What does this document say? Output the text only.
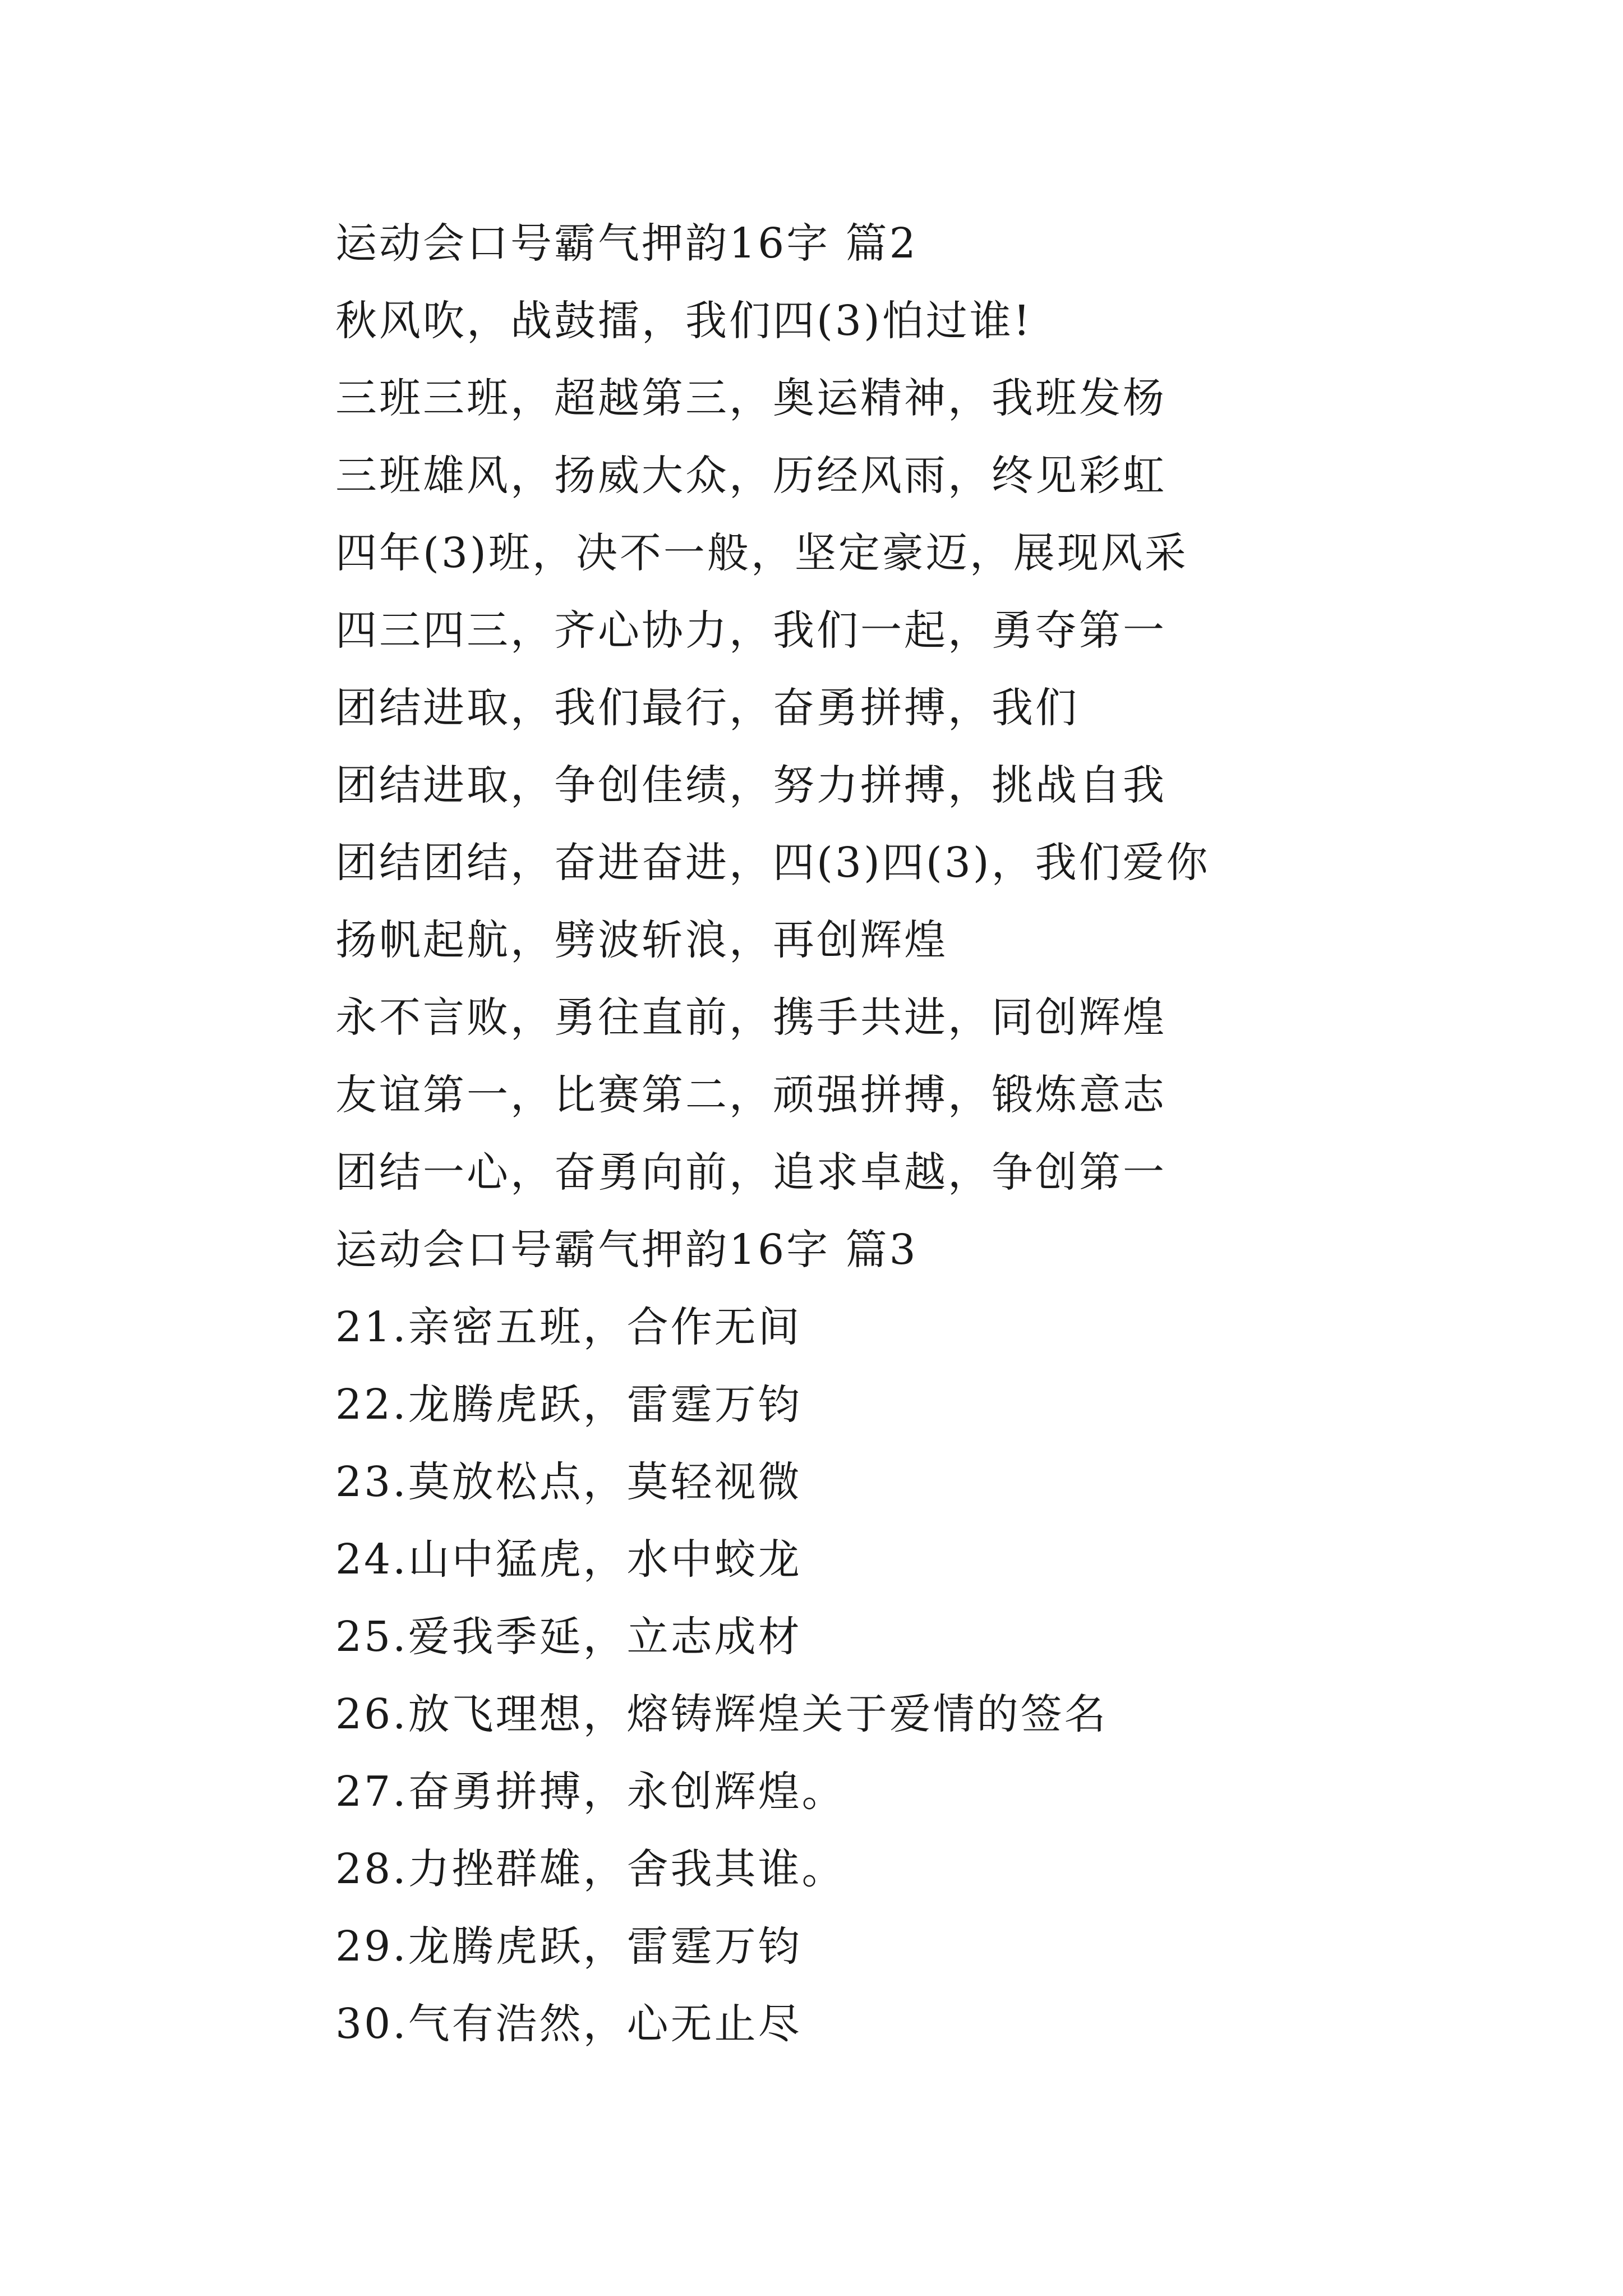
运动会口号霸气押韵16字 篇2
秋风吹，战鼓擂，我们四(3)怕过谁!
三班三班，超越第三，奥运精神，我班发杨
三班雄风，扬威大众，历经风雨，终见彩虹
四年(3)班，决不一般，坚定豪迈，展现风采
四三四三，齐心协力，我们一起，勇夺第一
团结进取，我们最行，奋勇拼搏，我们
团结进取，争创佳绩，努力拼搏，挑战自我
团结团结，奋进奋进，四(3)四(3)，我们爱你
扬帆起航，劈波斩浪，再创辉煌
永不言败，勇往直前，携手共进，同创辉煌
友谊第一，比赛第二，顽强拼搏，锻炼意志
团结一心，奋勇向前，追求卓越，争创第一
运动会口号霸气押韵16字 篇3
21.亲密五班，合作无间
22.龙腾虎跃，雷霆万钧
23.莫放松点，莫轻视微
24.山中猛虎，水中蛟龙
25.爱我季延，立志成材
26.放飞理想，熔铸辉煌关于爱情的签名
27.奋勇拼搏，永创辉煌。
28.力挫群雄，舍我其谁。
29.龙腾虎跃，雷霆万钧
30.气有浩然，心无止尽
